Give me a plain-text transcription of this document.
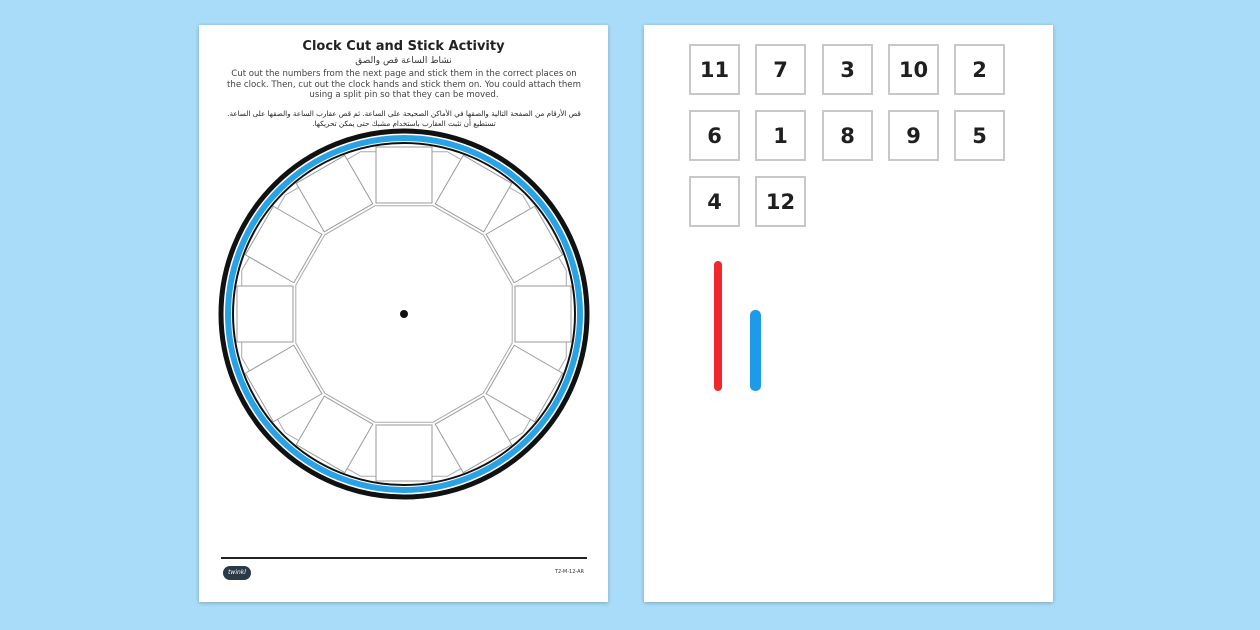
Clock Cut and Stick Activity
نشاط الساعة قص والصق
Cut out the numbers from the next page and stick them in the correct places on the clock. Then, cut out the clock hands and stick them on. You could attach them using a split pin so that they can be moved.
قص الأرقام من الصفحة التالية والصقها في الأماكن الصحيحة على الساعة. ثم قص عقارب الساعة والصقها على الساعة. تستطيع أن تثبت العقارب باستخدام مشبك حتى يمكن تحريكها.
twinkl	T2-M-12-AR
11	7	3	10	2
6	1	8	9	5
4	12
